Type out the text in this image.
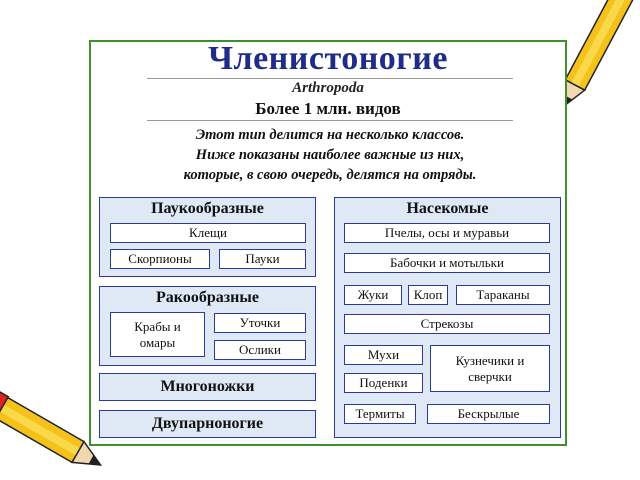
Членистоногие
Arthropoda
Более 1 млн. видов
Этот тип делится на несколько классов.
Ниже показаны наиболее важные из них,
которые, в свою очередь, делятся на отряды.
Паукообразные
Клещи
Скорпионы	Пауки
Ракообразные
Крабы и омары
Уточки
Ослики
Многоножки
Двупарноногие
Насекомые
Пчелы, осы и муравьи
Бабочки и мотыльки
Жуки	Клоп	Тараканы
Стрекозы
Мухи	Кузнечики и сверчки
Поденки
Термиты	Бескрылые
